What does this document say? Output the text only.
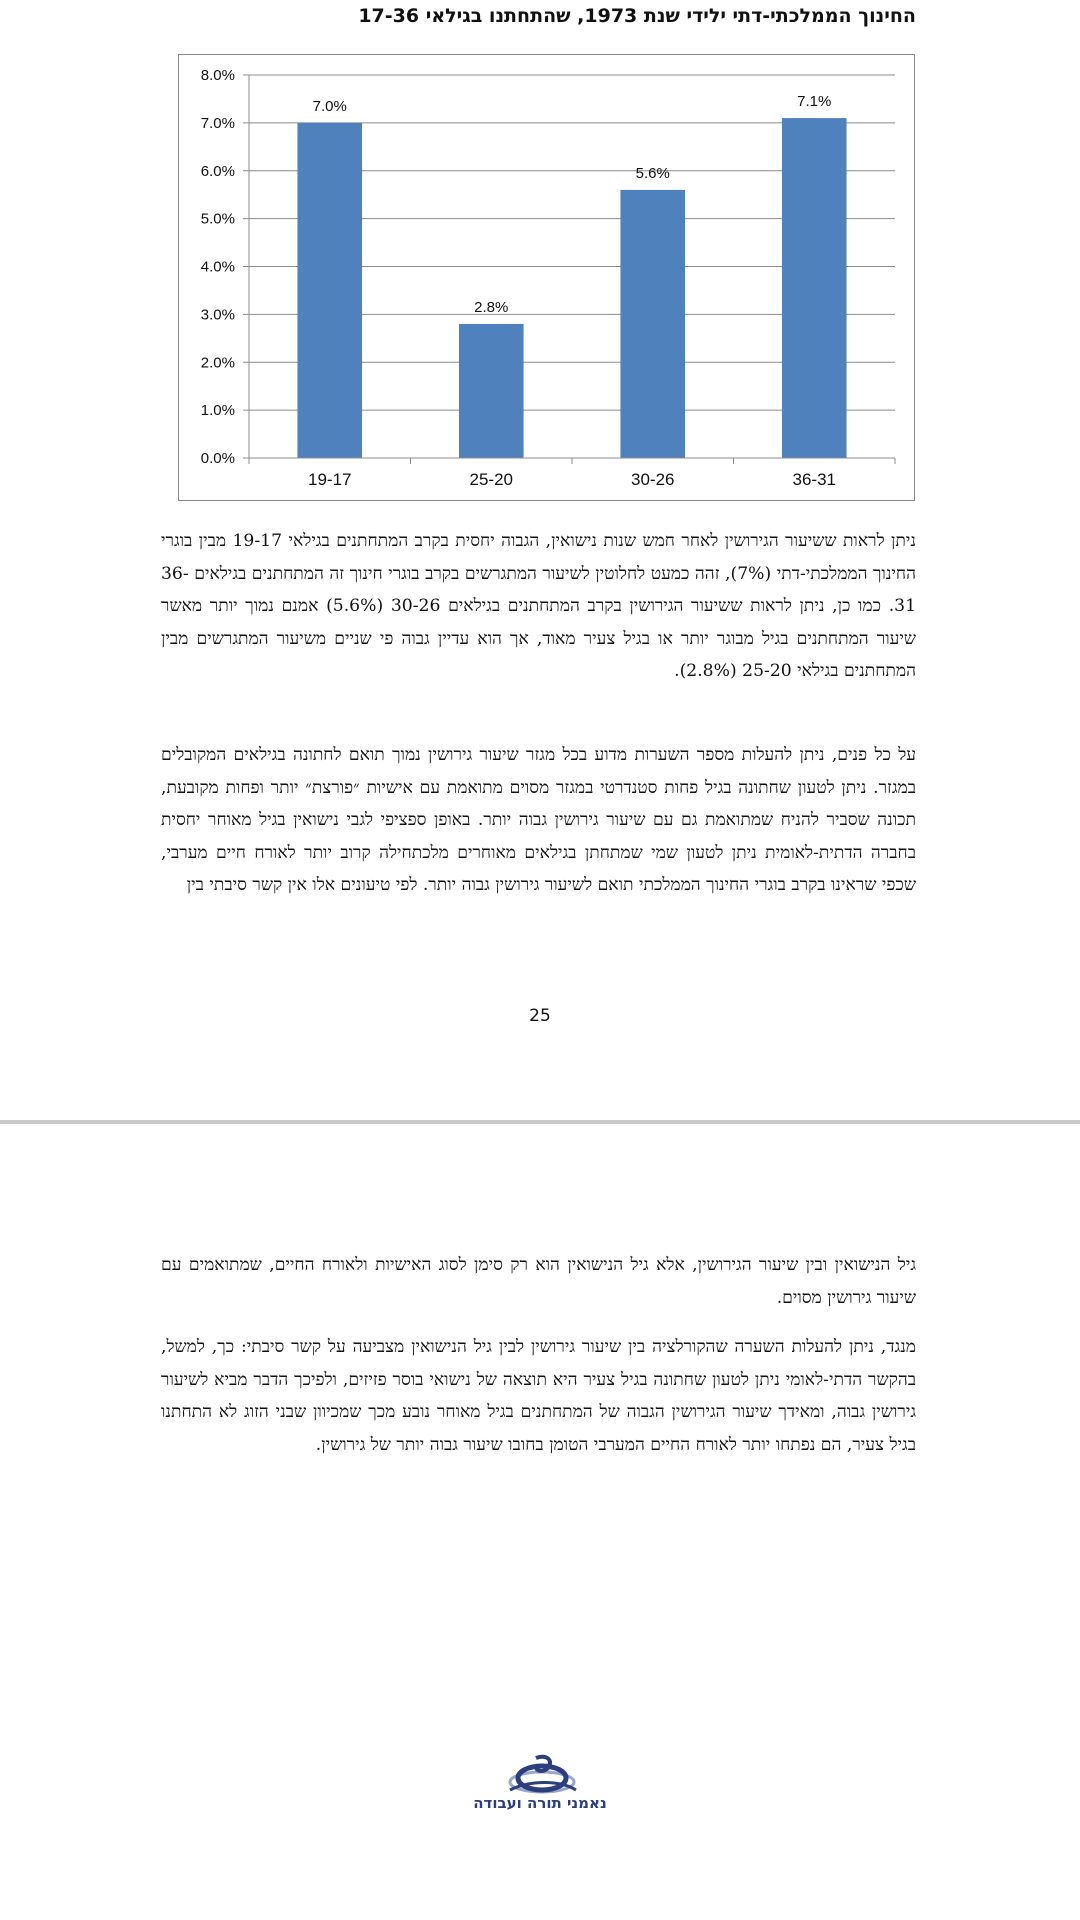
החינוך הממלכתי-דתי ילידי שנת 1973, שהתחתנו בגילאי 17-36
0.0%
1.0%
2.0%
3.0%
4.0%
5.0%
6.0%
7.0%
8.0%
7.0%
19-17
2.8%
25-20
5.6%
30-26
7.1%
36-31

ניתן לראות ששיעור הגירושין לאחר חמש שנות נישואין, הגבוה יחסית בקרב המתחתנים בגילאי 19-17 מבין בוגרי החינוך הממלכתי-דתי (7%), זהה כמעט לחלוטין לשיעור המתגרשים בקרב בוגרי חינוך זה המתחתנים בגילאים 36-31. כמו כן, ניתן לראות ששיעור הגירושין בקרב המתחתנים בגילאים 30-26 (5.6%) אמנם נמוך יותר מאשר שיעור המתחתנים בגיל מבוגר יותר או בגיל צעיר מאוד, אך הוא עדיין גבוה פי שניים משיעור המתגרשים מבין המתחתנים בגילאי 25-20 (2.8%).

על כל פנים, ניתן להעלות מספר השערות מדוע בכל מגזר שיעור גירושין נמוך תואם לחתונה בגילאים המקובלים במגזר. ניתן לטעון שחתונה בגיל פחות סטנדרטי במגזר מסוים מתואמת עם אישיות ״פורצת״ יותר ופחות מקובעת, תכונה שסביר להניח שמתואמת גם עם שיעור גירושין גבוה יותר. באופן ספציפי לגבי נישואין בגיל מאוחר יחסית בחברה הדתית-לאומית ניתן לטעון שמי שמתחתן בגילאים מאוחרים מלכתחילה קרוב יותר לאורח חיים מערבי, שכפי שראינו בקרב בוגרי החינוך הממלכתי תואם לשיעור גירושין גבוה יותר. לפי טיעונים אלו אין קשר סיבתי בין

25

גיל הנישואין ובין שיעור הגירושין, אלא גיל הנישואין הוא רק סימן לסוג האישיות ולאורח החיים, שמתואמים עם שיעור גירושין מסוים.

מנגד, ניתן להעלות השערה שהקורלציה בין שיעור גירושין לבין גיל הנישואין מצביעה על קשר סיבתי: כך, למשל, בהקשר הדתי-לאומי ניתן לטעון שחתונה בגיל צעיר היא תוצאה של נישואי בוסר פזיזים, ולפיכך הדבר מביא לשיעור גירושין גבוה, ומאידך שיעור הגירושין הגבוה של המתחתנים בגיל מאוחר נובע מכך שמכיוון שבני הזוג לא התחתנו בגיל צעיר, הם נפתחו יותר לאורח החיים המערבי הטומן בחובו שיעור גבוה יותר של גירושין.

נאמני תורה ועבודה
